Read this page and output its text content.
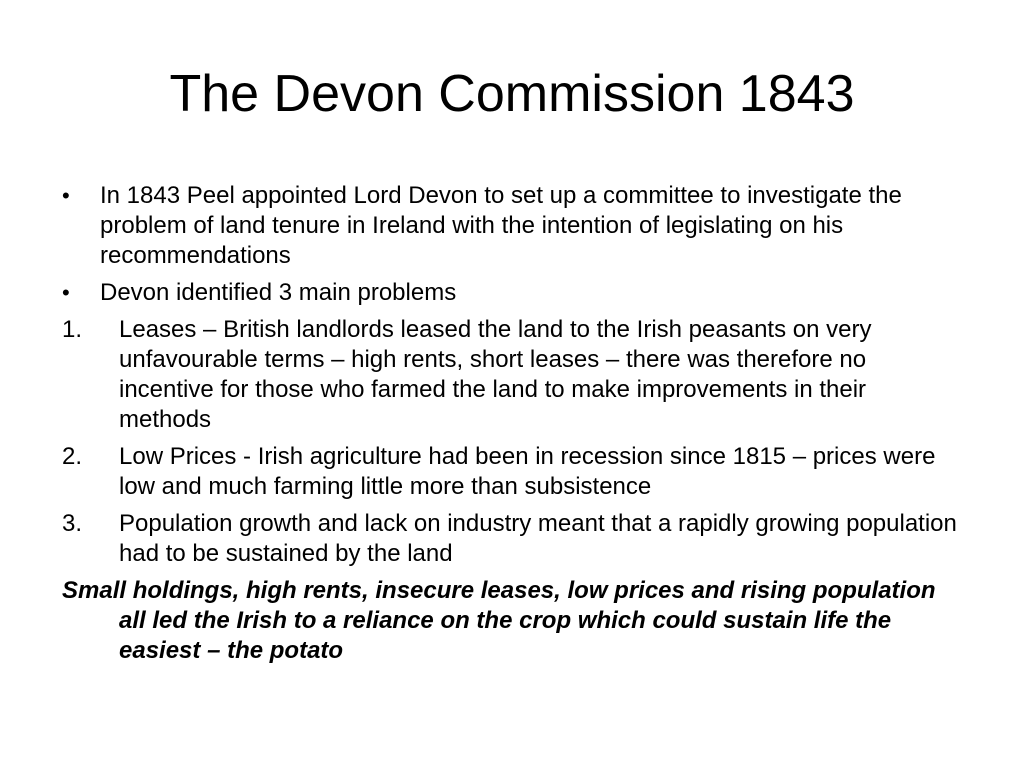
The Devon Commission 1843
• In 1843 Peel appointed Lord Devon to set up a committee to investigate the problem of land tenure in Ireland with the intention of legislating on his recommendations
• Devon identified 3 main problems
1. Leases – British landlords leased the land to the Irish peasants on very unfavourable terms – high rents, short leases – there was therefore no incentive for those who farmed the land to make improvements in their methods
2. Low Prices - Irish agriculture had been in recession since 1815 – prices were low and much farming little more than subsistence
3. Population growth and lack on industry meant that a rapidly growing population had to be sustained by the land
Small holdings, high rents, insecure leases, low prices and rising population all led the Irish to a reliance on the crop which could sustain life the easiest – the potato
